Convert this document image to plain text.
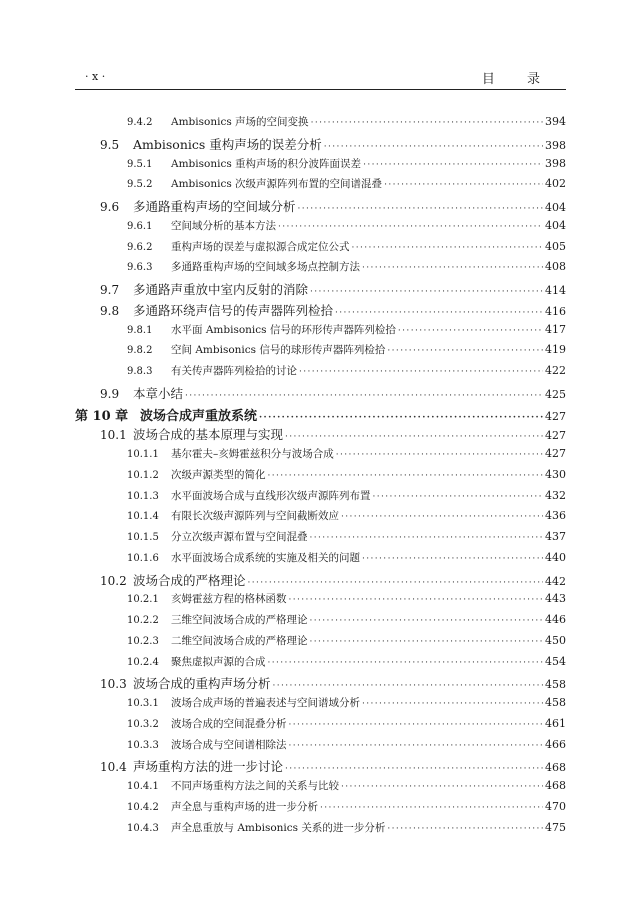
· x ·	目 录
9.4.2	Ambisonics 声场的空间变换 ·····	394
9.5	Ambisonics 重构声场的误差分析 ·····	398
9.5.1	Ambisonics 重构声场的积分波阵面误差 ·····	398
9.5.2	Ambisonics 次级声源阵列布置的空间谱混叠 ·····	402
9.6	多通路重构声场的空间域分析 ·····	404
9.6.1	空间域分析的基本方法 ·····	404
9.6.2	重构声场的误差与虚拟源合成定位公式 ·····	405
9.6.3	多通路重构声场的空间域多场点控制方法 ·····	408
9.7	多通路声重放中室内反射的消除 ·····	414
9.8	多通路环绕声信号的传声器阵列检拾 ·····	416
9.8.1	水平面 Ambisonics 信号的环形传声器阵列检拾 ·····	417
9.8.2	空间 Ambisonics 信号的球形传声器阵列检拾 ·····	419
9.8.3	有关传声器阵列检拾的讨论 ·····	422
9.9	本章小结 ·····	425
第 10 章 波场合成声重放系统 ·····	427
10.1 波场合成的基本原理与实现 ·····	427
10.1.1	基尔霍夫–亥姆霍兹积分与波场合成 ·····	427
10.1.2	次级声源类型的简化 ·····	430
10.1.3	水平面波场合成与直线形次级声源阵列布置 ·····	432
10.1.4	有限长次级声源阵列与空间截断效应 ·····	436
10.1.5	分立次级声源布置与空间混叠 ·····	437
10.1.6	水平面波场合成系统的实施及相关的问题 ·····	440
10.2 波场合成的严格理论 ·····	442
10.2.1	亥姆霍兹方程的格林函数 ·····	443
10.2.2	三维空间波场合成的严格理论 ·····	446
10.2.3	二维空间波场合成的严格理论 ·····	450
10.2.4	聚焦虚拟声源的合成 ·····	454
10.3 波场合成的重构声场分析 ·····	458
10.3.1	波场合成声场的普遍表述与空间谱域分析 ·····	458
10.3.2	波场合成的空间混叠分析 ·····	461
10.3.3	波场合成与空间谱相除法 ·····	466
10.4 声场重构方法的进一步讨论 ·····	468
10.4.1	不同声场重构方法之间的关系与比较 ·····	468
10.4.2	声全息与重构声场的进一步分析 ·····	470
10.4.3	声全息重放与 Ambisonics 关系的进一步分析 ·····	475
